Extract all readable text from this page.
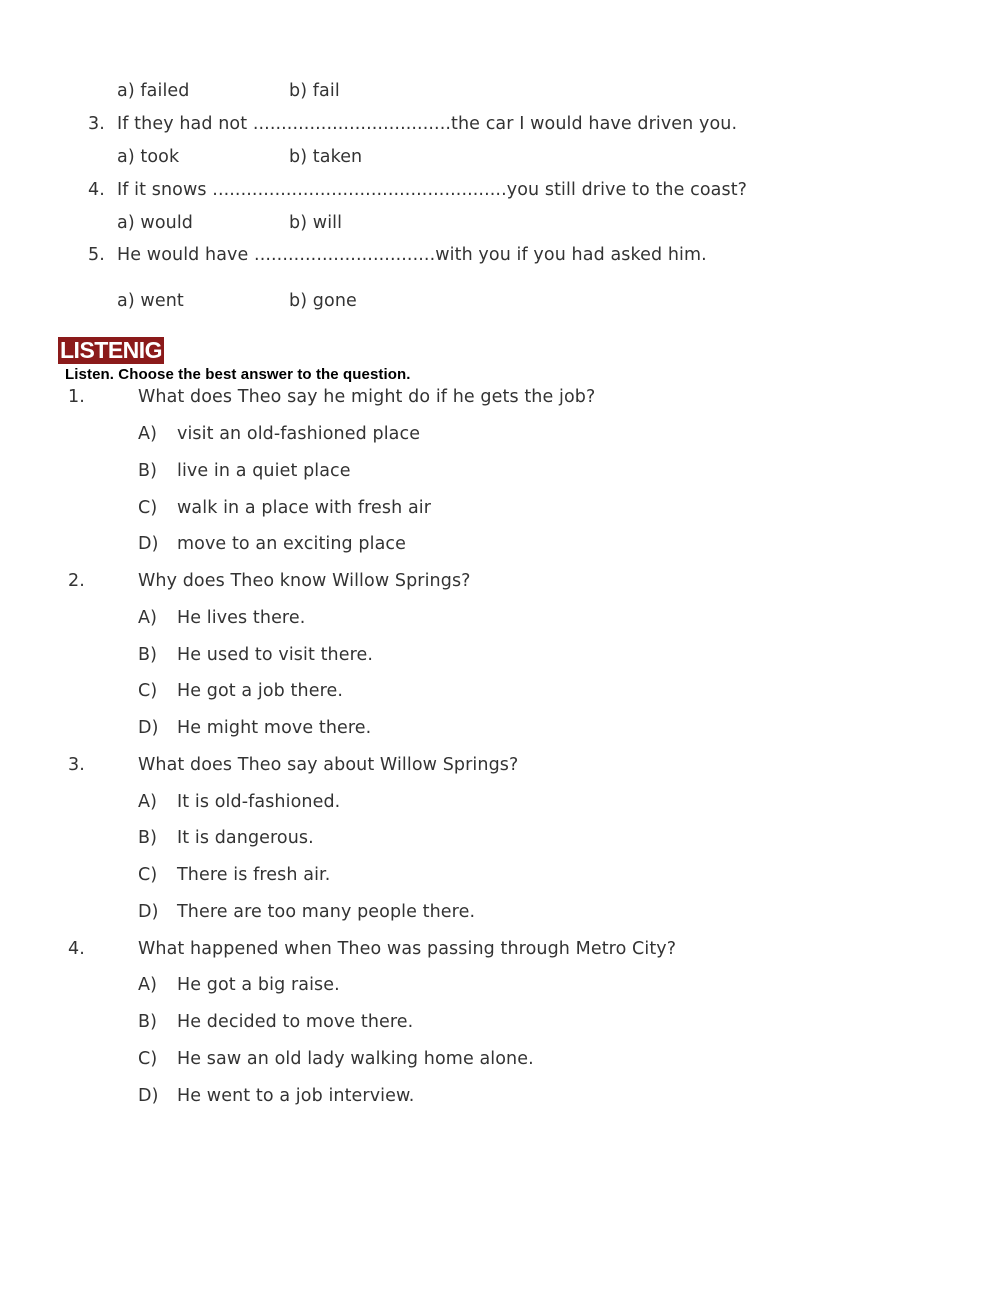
a) failed	b) fail
3. If they had not ...................................the car I would have driven you.
a) took	b) taken
4. If it snows ....................................................you still drive to the coast?
a) would	b) will
5. He would have ................................with you if you had asked him.
a) went	b) gone
LISTENIG
Listen. Choose the best answer to the question.
1.	What does Theo say he might do if he gets the job?
A) visit an old-fashioned place
B) live in a quiet place
C) walk in a place with fresh air
D) move to an exciting place
2.	Why does Theo know Willow Springs?
A) He lives there.
B) He used to visit there.
C) He got a job there.
D) He might move there.
3.	What does Theo say about Willow Springs?
A) It is old-fashioned.
B) It is dangerous.
C) There is fresh air.
D) There are too many people there.
4.	What happened when Theo was passing through Metro City?
A) He got a big raise.
B) He decided to move there.
C) He saw an old lady walking home alone.
D) He went to a job interview.
